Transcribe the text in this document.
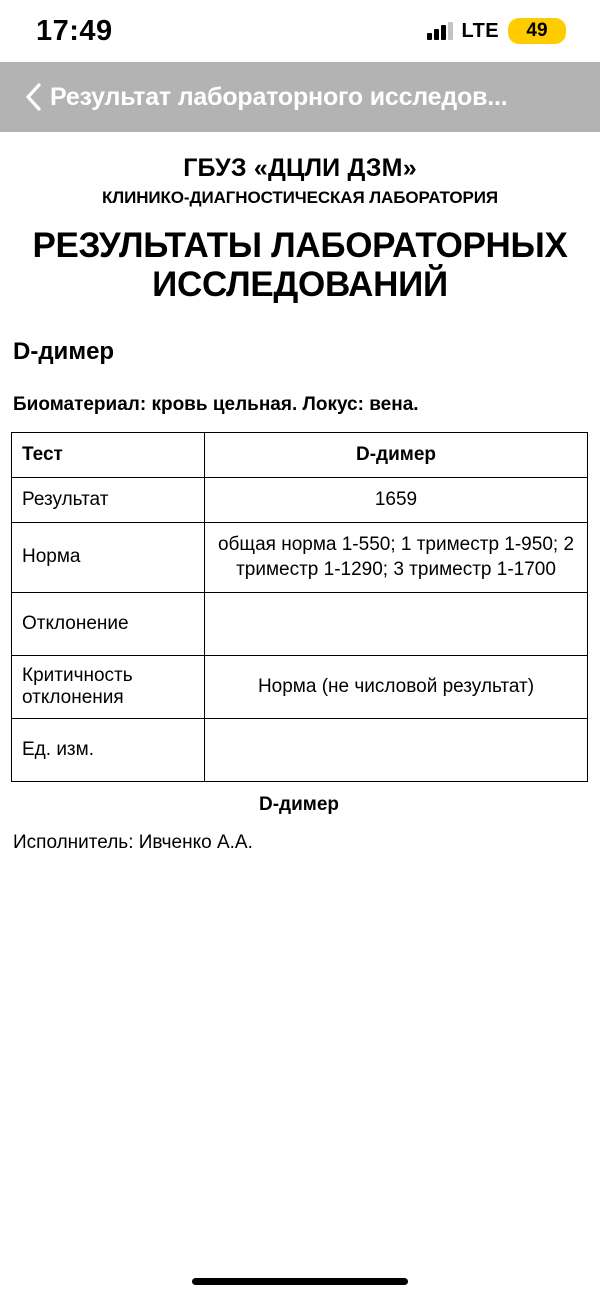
17:49	LTE	49
Результат лабораторного исследов...
ГБУЗ «ДЦЛИ ДЗМ»
КЛИНИКО-ДИАГНОСТИЧЕСКАЯ ЛАБОРАТОРИЯ
РЕЗУЛЬТАТЫ ЛАБОРАТОРНЫХ ИССЛЕДОВАНИЙ
D-димер
Биоматериал: кровь цельная. Локус: вена.
Тест	D-димер
Результат	1659
Норма	общая норма 1-550; 1 триместр 1-950; 2 триместр 1-1290; 3 триместр 1-1700
Отклонение	
Критичность отклонения	Норма (не числовой результат)
Ед. изм.	
D-димер
Исполнитель: Ивченко А.А.
